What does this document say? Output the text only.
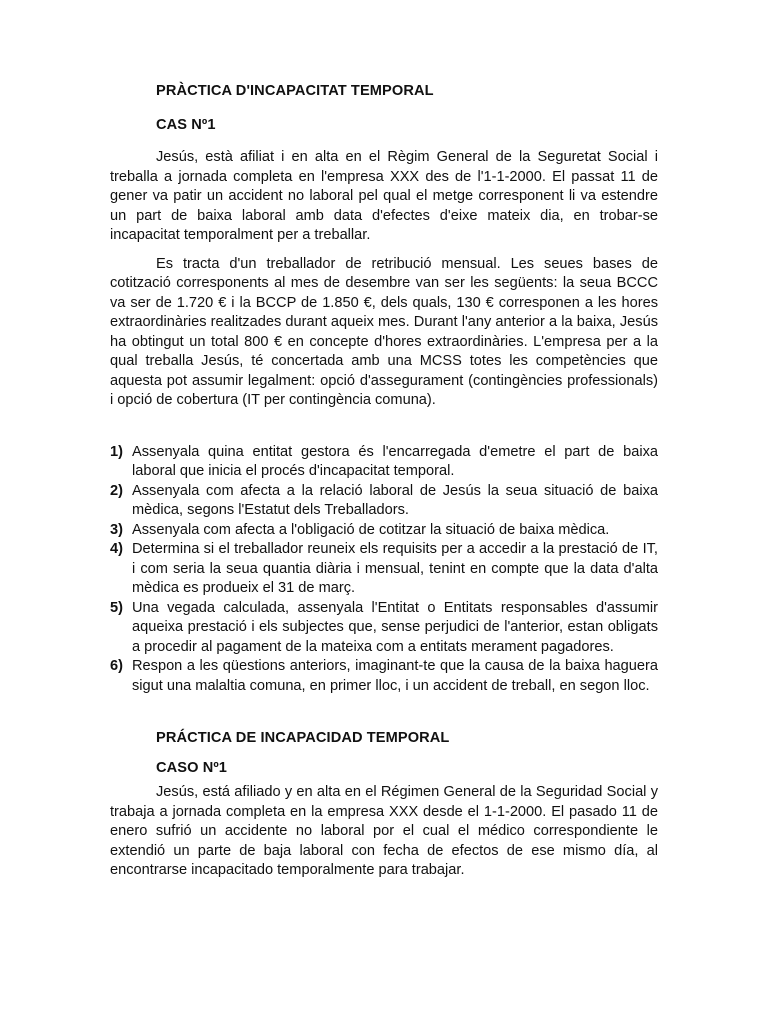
PRÀCTICA D'INCAPACITAT TEMPORAL
CAS Nº1

Jesús, està afiliat i en alta en el Règim General de la Seguretat Social i treballa a jornada completa en l'empresa XXX des de l'1-1-2000. El passat 11 de gener va patir un accident no laboral pel qual el metge corresponent li va estendre un part de baixa laboral amb data d'efectes d'eixe mateix dia, en trobar-se incapacitat temporalment per a treballar.

Es tracta d'un treballador de retribució mensual. Les seues bases de cotització corresponents al mes de desembre van ser les següents: la seua BCCC va ser de 1.720 € i la BCCP de 1.850 €, dels quals, 130 € corresponen a les hores extraordinàries realitzades durant aqueix mes. Durant l'any anterior a la baixa, Jesús ha obtingut un total 800 € en concepte d'hores extraordinàries. L'empresa per a la qual treballa Jesús, té concertada amb una MCSS totes les competències que aquesta pot assumir legalment: opció d'assegurament (contingències professionals) i opció de cobertura (IT per contingència comuna).

1) Assenyala quina entitat gestora és l'encarregada d'emetre el part de baixa laboral que inicia el procés d'incapacitat temporal.
2) Assenyala com afecta a la relació laboral de Jesús la seua situació de baixa mèdica, segons l'Estatut dels Treballadors.
3) Assenyala com afecta a l'obligació de cotitzar la situació de baixa mèdica.
4) Determina si el treballador reuneix els requisits per a accedir a la prestació de IT, i com seria la seua quantia diària i mensual, tenint en compte que la data d'alta mèdica es produeix el 31 de març.
5) Una vegada calculada, assenyala l'Entitat o Entitats responsables d'assumir aqueixa prestació i els subjectes que, sense perjudici de l'anterior, estan obligats a procedir al pagament de la mateixa com a entitats merament pagadores.
6) Respon a les qüestions anteriors, imaginant-te que la causa de la baixa haguera sigut una malaltia comuna, en primer lloc, i un accident de treball, en segon lloc.
PRÁCTICA DE INCAPACIDAD TEMPORAL
CASO Nº1

Jesús, está afiliado y en alta en el Régimen General de la Seguridad Social y trabaja a jornada completa en la empresa XXX desde el 1-1-2000. El pasado 11 de enero sufrió un accidente no laboral por el cual el médico correspondiente le extendió un parte de baja laboral con fecha de efectos de ese mismo día, al encontrarse incapacitado temporalmente para trabajar.
